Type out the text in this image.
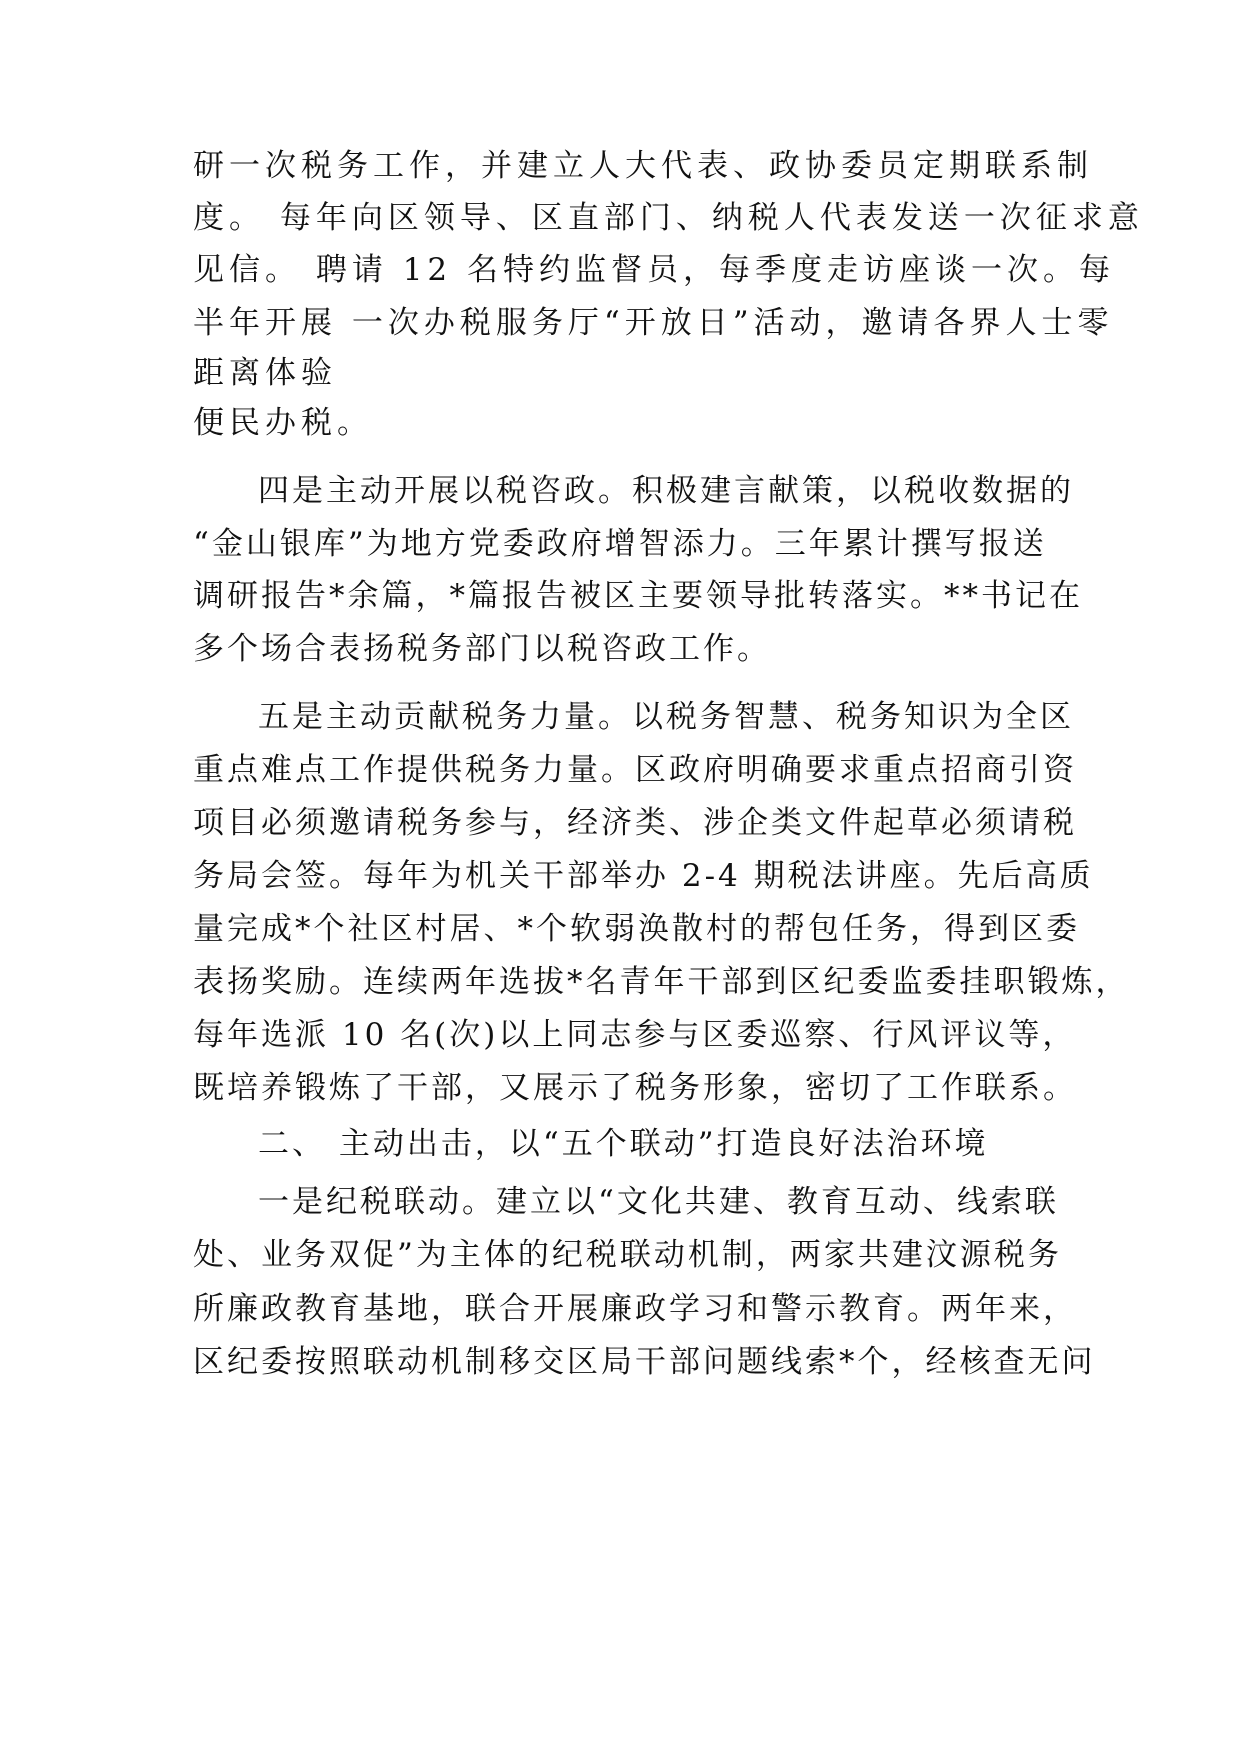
研一次税务工作，并建立人大代表、政协委员定期联系制
度。 每年向区领导、区直部门、纳税人代表发送一次征求意
见信。 聘请 12 名特约监督员，每季度走访座谈一次。每
半年开展 一次办税服务厅“开放日”活动，邀请各界人士零
距离体验
便民办税。
四是主动开展以税咨政。积极建言献策，以税收数据的
“金山银库”为地方党委政府增智添力。三年累计撰写报送
调研报告*余篇，*篇报告被区主要领导批转落实。**书记在
多个场合表扬税务部门以税咨政工作。
五是主动贡献税务力量。以税务智慧、税务知识为全区
重点难点工作提供税务力量。区政府明确要求重点招商引资
项目必须邀请税务参与，经济类、涉企类文件起草必须请税
务局会签。每年为机关干部举办 2-4 期税法讲座。先后高质
量完成*个社区村居、*个软弱涣散村的帮包任务，得到区委
表扬奖励。连续两年选拔*名青年干部到区纪委监委挂职锻炼，
每年选派 10 名(次)以上同志参与区委巡察、行风评议等，
既培养锻炼了干部，又展示了税务形象，密切了工作联系。
二、 主动出击，以“五个联动”打造良好法治环境
一是纪税联动。建立以“文化共建、教育互动、线索联
处、业务双促”为主体的纪税联动机制，两家共建汶源税务
所廉政教育基地，联合开展廉政学习和警示教育。两年来，
区纪委按照联动机制移交区局干部问题线索*个，经核查无问
